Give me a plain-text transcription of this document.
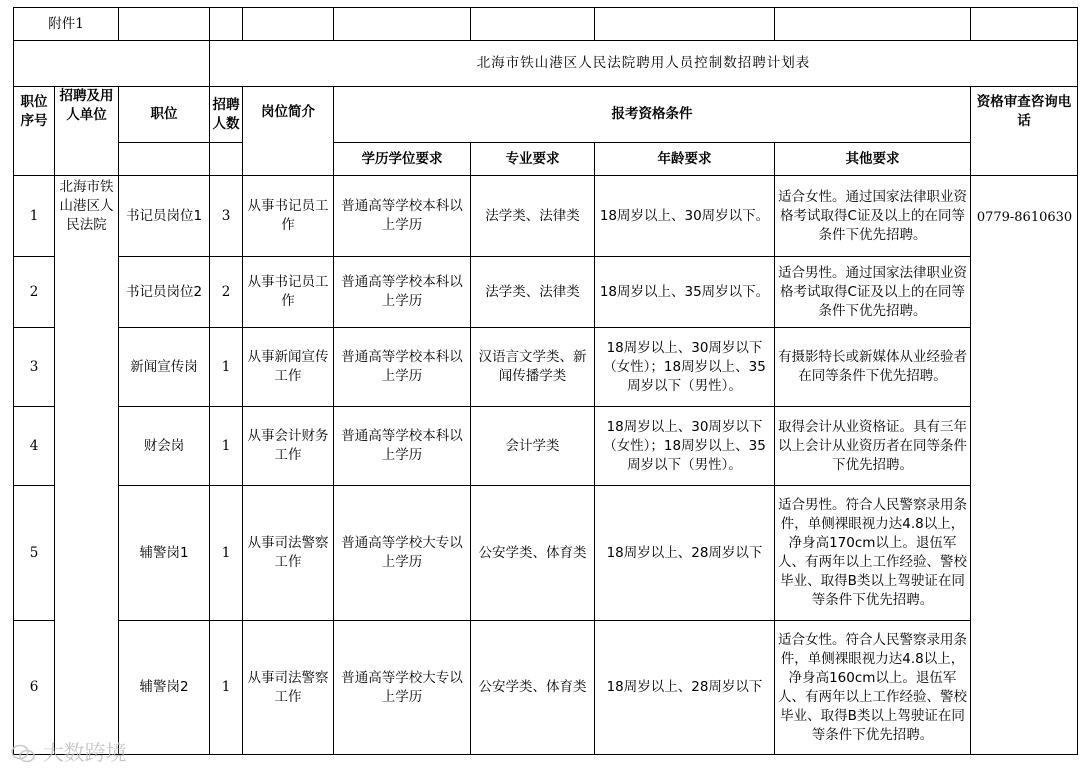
附件1									
			北海市铁山港区人民法院聘用人员控制数招聘计划表						
职位序号	招聘及用人单位	职位	招聘人数	岗位简介	报考资格条件				资格审查咨询电话
					学历学位要求	专业要求	年龄要求	其他要求	
1	北海市铁山港区人民法院	书记员岗位1	3	从事书记员工作	普通高等学校本科以上学历	法学类、法律类	18周岁以上、30周岁以下。	适合女性。通过国家法律职业资格考试取得C证及以上的在同等条件下优先招聘。	0779-8610630
2		书记员岗位2	2	从事书记员工作	普通高等学校本科以上学历	法学类、法律类	18周岁以上、35周岁以下。	适合男性。通过国家法律职业资格考试取得C证及以上的在同等条件下优先招聘。	
3		新闻宣传岗	1	从事新闻宣传工作	普通高等学校本科以上学历	汉语言文学类、新闻传播学类	18周岁以上、30周岁以下（女性）；18周岁以上、35周岁以下（男性）。	有摄影特长或新媒体从业经验者在同等条件下优先招聘。	
4		财会岗	1	从事会计财务工作	普通高等学校本科以上学历	会计学类	18周岁以上、30周岁以下（女性）；18周岁以上、35周岁以下（男性）。	取得会计从业资格证。具有三年以上会计从业资历者在同等条件下优先招聘。	
5		辅警岗1	1	从事司法警察工作	普通高等学校大专以上学历	公安学类、体育类	18周岁以上、28周岁以下	适合男性。符合人民警察录用条件，单侧裸眼视力达4.8以上，净身高170cm以上。退伍军人、有两年以上工作经验、警校毕业、取得B类以上驾驶证在同等条件下优先招聘。	
6		辅警岗2	1	从事司法警察工作	普通高等学校大专以上学历	公安学类、体育类	18周岁以上、28周岁以下	适合女性。符合人民警察录用条件，单侧裸眼视力达4.8以上，净身高160cm以上。退伍军人、有两年以上工作经验、警校毕业、取得B类以上驾驶证在同等条件下优先招聘。	
大数跨境
